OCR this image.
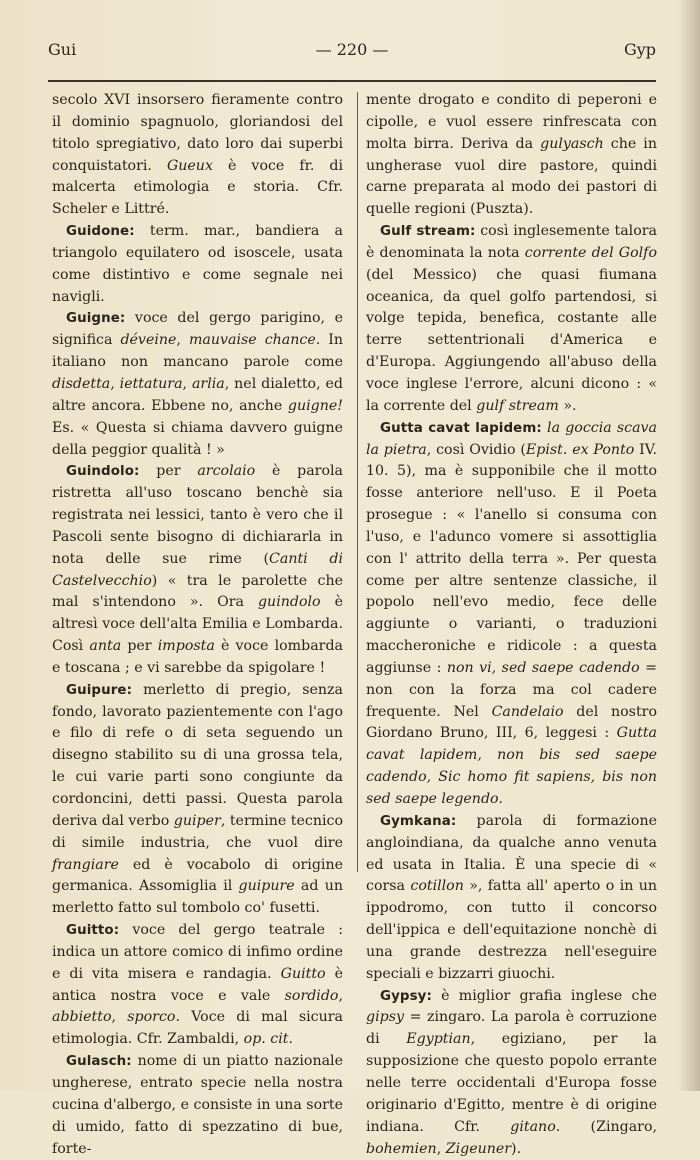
Gui	— 220 —	Gyp

secolo XVI insorsero fieramente contro il dominio spagnuolo, gloriandosi del titolo spregiativo, dato loro dai superbi conquistatori. Gueux è voce fr. di malcerta etimologia e storia. Cfr. Scheler e Littré.

Guidone: term. mar., bandiera a triangolo equilatero od isoscele, usata come distintivo e come segnale nei navigli.

Guigne: voce del gergo parigino, e significa déveine, mauvaise chance. In italiano non mancano parole come disdetta, iettatura, arlia, nel dialetto, ed altre ancora. Ebbene no, anche guigne! Es. « Questa si chiama davvero guigne della peggior qualità ! »

Guindolo: per arcolaio è parola ristretta all'uso toscano benchè sia registrata nei lessici, tanto è vero che il Pascoli sente bisogno di dichiararla in nota delle sue rime (Canti di Castelvecchio) « tra le parolette che mal s'intendono ». Ora guindolo è altresì voce dell'alta Emilia e Lombarda. Così anta per imposta è voce lombarda e toscana ; e vi sarebbe da spigolare !

Guipure: merletto di pregio, senza fondo, lavorato pazientemente con l'ago e filo di refe o di seta seguendo un disegno stabilito su di una grossa tela, le cui varie parti sono congiunte da cordoncini, detti passi. Questa parola deriva dal verbo guiper, termine tecnico di simile industria, che vuol dire frangiare ed è vocabolo di origine germanica. Assomiglia il guipure ad un merletto fatto sul tombolo co' fusetti.

Guitto: voce del gergo teatrale : indica un attore comico di infimo ordine e di vita misera e randagia. Guitto è antica nostra voce e vale sordido, abbietto, sporco. Voce di mal sicura etimologia. Cfr. Zambaldi, op. cit.

Gulasch: nome di un piatto nazionale ungherese, entrato specie nella nostra cucina d'albergo, e consiste in una sorte di umido, fatto di spezzatino di bue, forte-

mente drogato e condito di peperoni e cipolle, e vuol essere rinfrescata con molta birra. Deriva da gulyasch che in ungherase vuol dire pastore, quindi carne preparata al modo dei pastori di quelle regioni (Puszta).

Gulf stream: così inglesemente talora è denominata la nota corrente del Golfo (del Messico) che quasi fiumana oceanica, da quel golfo partendosi, si volge tepida, benefica, costante alle terre settentrionali d'America e d'Europa. Aggiungendo all'abuso della voce inglese l'errore, alcuni dicono : « la corrente del gulf stream ».

Gutta cavat lapidem: la goccia scava la pietra, così Ovidio (Epist. ex Ponto IV. 10. 5), ma è supponibile che il motto fosse anteriore nell'uso. E il Poeta prosegue : « l'anello si consuma con l'uso, e l'adunco vomere si assottiglia con l' attrito della terra ». Per questa come per altre sentenze classiche, il popolo nell'evo medio, fece delle aggiunte o varianti, o traduzioni maccheroniche e ridicole : a questa aggiunse : non vi, sed saepe cadendo = non con la forza ma col cadere frequente. Nel Candelaio del nostro Giordano Bruno, III, 6, leggesi : Gutta cavat lapidem, non bis sed saepe cadendo, Sic homo fit sapiens, bis non sed saepe legendo.

Gymkana: parola di formazione angloindiana, da qualche anno venuta ed usata in Italia. È una specie di « corsa cotillon », fatta all' aperto o in un ippodromo, con tutto il concorso dell'ippica e dell'equitazione nonchè di una grande destrezza nell'eseguire speciali e bizzarri giuochi.

Gypsy: è miglior grafia inglese che gipsy = zingaro. La parola è corruzione di Egyptian, egiziano, per la supposizione che questo popolo errante nelle terre occidentali d'Europa fosse originario d'Egitto, mentre è di origine indiana. Cfr. gitano. (Zingaro, bohemien, Zigeuner).
